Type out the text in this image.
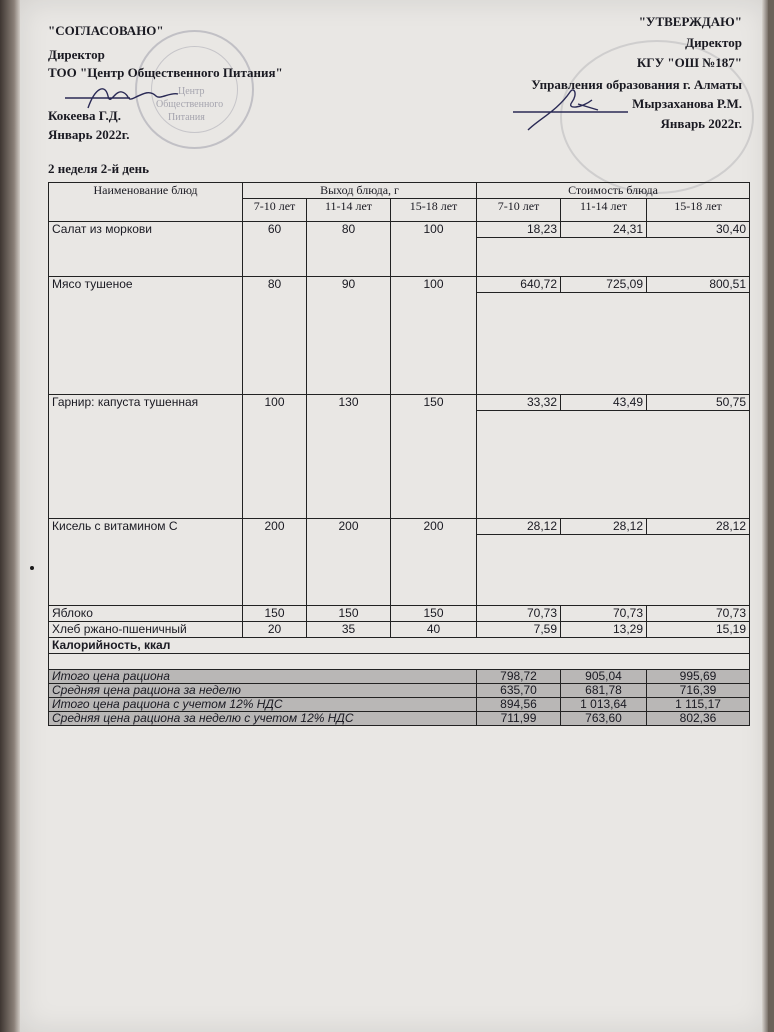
Центр
Общественного
Питания
"СОГЛАСОВАНО"
Директор
ТОО "Центр Общественного Питания"
Кокеева Г.Д.
Январь 2022г.
2 неделя 2-й день
"УТВЕРЖДАЮ"
Директор
КГУ "ОШ №187"
Управления образования г. Алматы
Мырзаханова Р.М.
Январь 2022г.
Наименование блюд	Выход блюда, г			Стоимость блюда		
	7-10 лет	11-14 лет	15-18 лет	7-10 лет	11-14 лет	15-18 лет
Салат из моркови	60	80	100	18,23	24,31	30,40

Мясо тушеное	80	90	100	640,72	725,09	800,51

Гарнир: капуста тушенная	100	130	150	33,32	43,49	50,75

Кисель с витамином С	200	200	200	28,12	28,12	28,12

Яблоко	150	150	150	70,73	70,73	70,73
Хлеб ржано-пшеничный	20	35	40	7,59	13,29	15,19
Калорийность, ккал						

Итого цена рациона				798,72	905,04	995,69
Средняя цена рациона за неделю				635,70	681,78	716,39
Итого цена рациона с учетом 12% НДС				894,56	1 013,64	1 115,17
Средняя цена рациона за неделю с учетом 12% НДС				711,99	763,60	802,36
